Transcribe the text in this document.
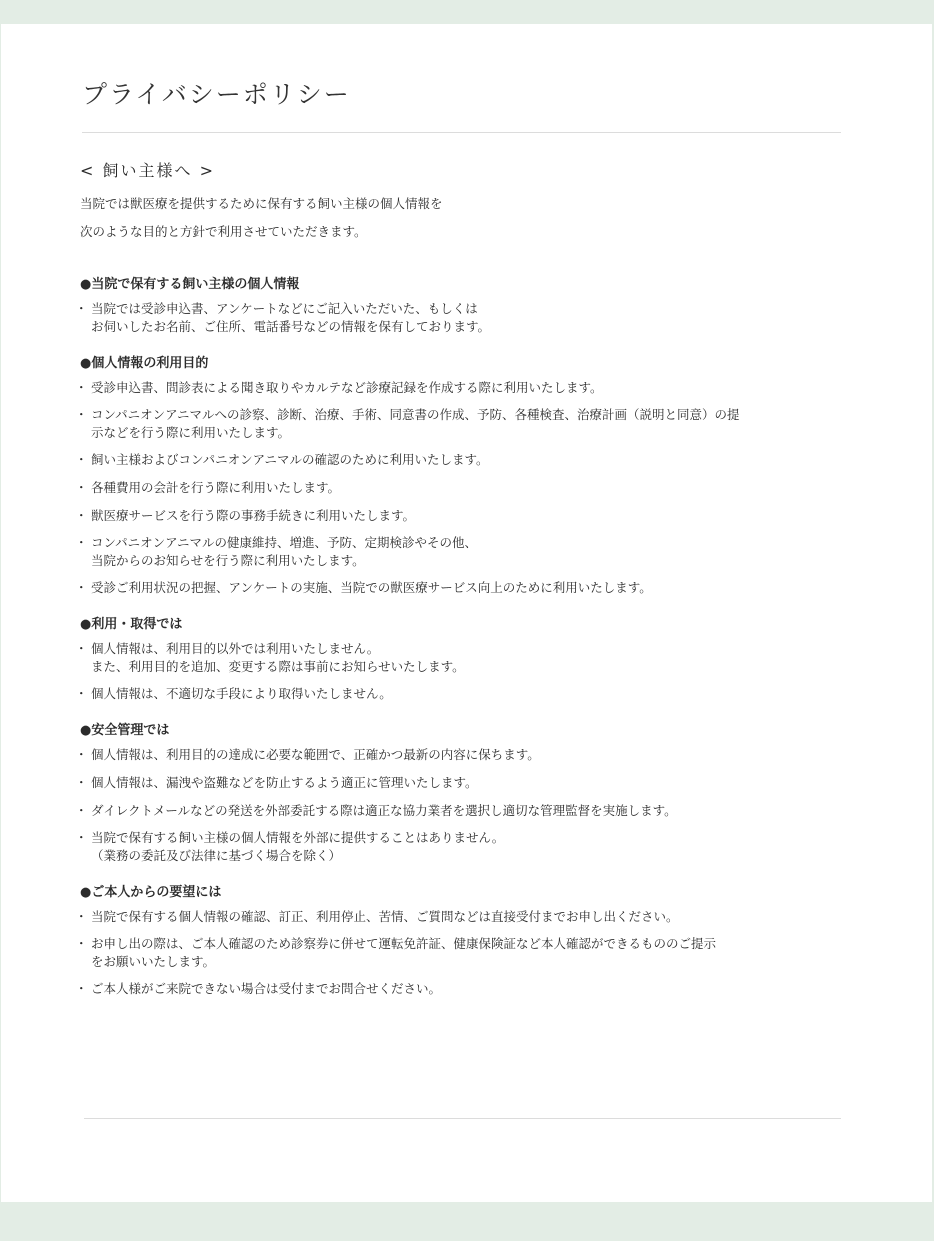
プライバシーポリシー
< 飼い主様へ >

当院では獣医療を提供するために保有する飼い主様の個人情報を

次のような目的と方針で利用させていただきます。

●当院で保有する飼い主様の個人情報
・ 当院では受診申込書、アンケートなどにご記入いただいた、もしくは
お伺いしたお名前、ご住所、電話番号などの情報を保有しております。
●個人情報の利用目的
・ 受診申込書、問診表による聞き取りやカルテなど診療記録を作成する際に利用いたします。
・ コンパニオンアニマルへの診察、診断、治療、手術、同意書の作成、予防、各種検査、治療計画（説明と同意）の提
示などを行う際に利用いたします。
・ 飼い主様およびコンパニオンアニマルの確認のために利用いたします。
・ 各種費用の会計を行う際に利用いたします。
・ 獣医療サービスを行う際の事務手続きに利用いたします。
・ コンパニオンアニマルの健康維持、増進、予防、定期検診やその他、
当院からのお知らせを行う際に利用いたします。
・ 受診ご利用状況の把握、アンケートの実施、当院での獣医療サービス向上のために利用いたします。
●利用・取得では
・ 個人情報は、利用目的以外では利用いたしません。
また、利用目的を追加、変更する際は事前にお知らせいたします。
・ 個人情報は、不適切な手段により取得いたしません。
●安全管理では
・ 個人情報は、利用目的の達成に必要な範囲で、正確かつ最新の内容に保ちます。
・ 個人情報は、漏洩や盗難などを防止するよう適正に管理いたします。
・ ダイレクトメールなどの発送を外部委託する際は適正な協力業者を選択し適切な管理監督を実施します。
・ 当院で保有する飼い主様の個人情報を外部に提供することはありません。
（業務の委託及び法律に基づく場合を除く）
●ご本人からの要望には
・ 当院で保有する個人情報の確認、訂正、利用停止、苦情、ご質問などは直接受付までお申し出ください。
・ お申し出の際は、ご本人確認のため診察券に併せて運転免許証、健康保険証など本人確認ができるもののご提示
をお願いいたします。
・ ご本人様がご来院できない場合は受付までお問合せください。
